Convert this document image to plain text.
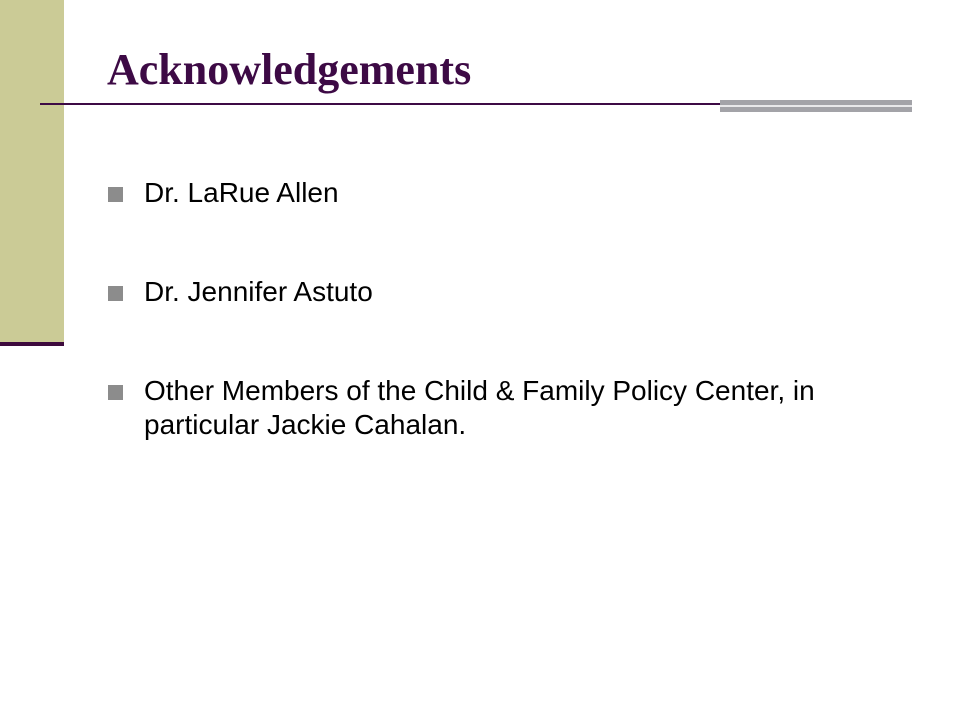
Acknowledgements
Dr. LaRue Allen
Dr. Jennifer Astuto
Other Members of the Child & Family Policy Center, in particular Jackie Cahalan.
